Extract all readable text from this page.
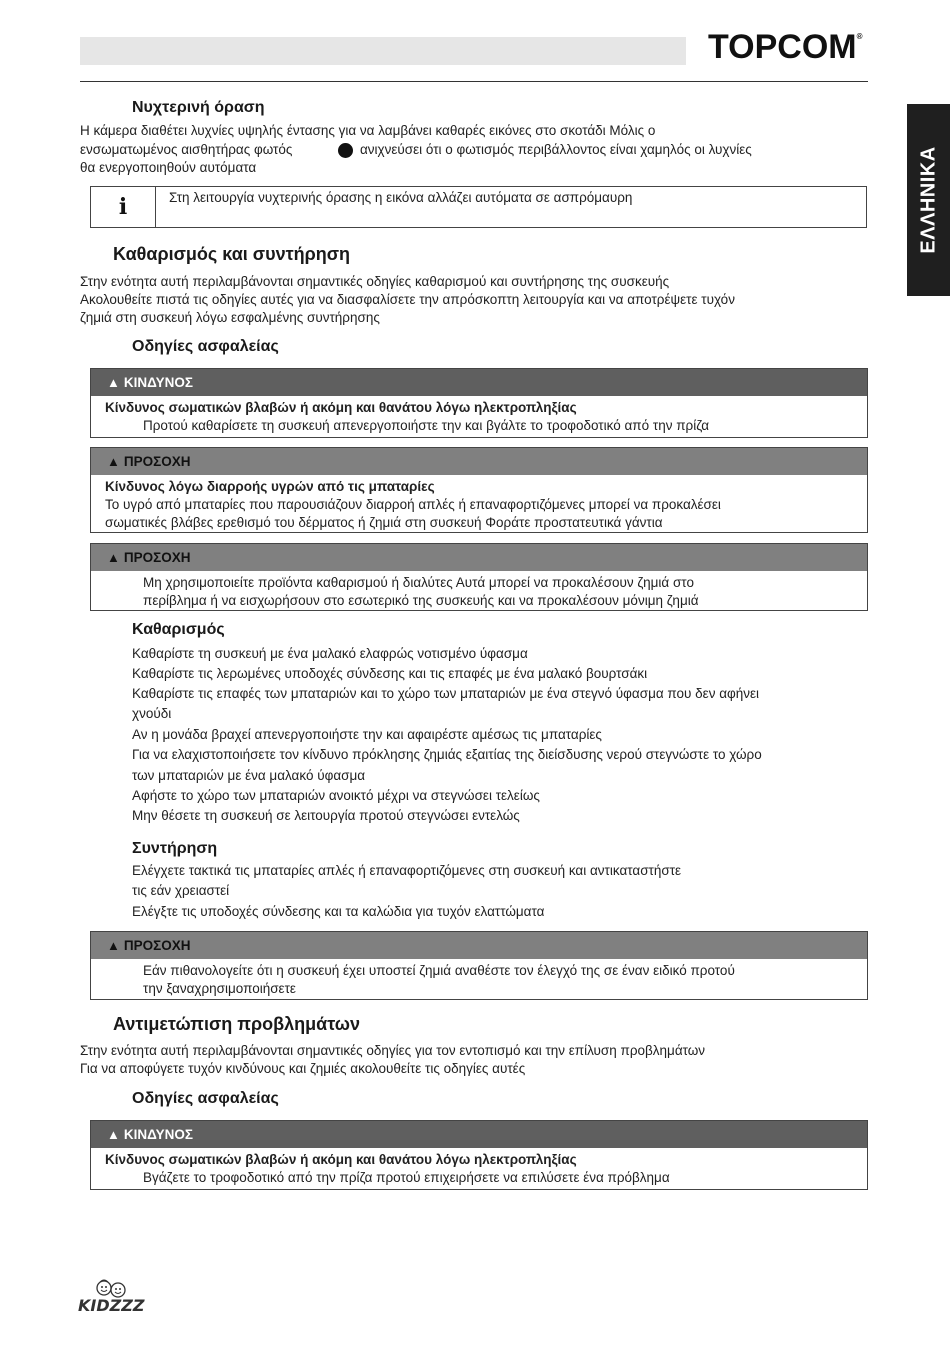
TOPCOM®
ΕΛΛΗΝΙΚΑ
Νυχτερινή όραση
Η κάμερα διαθέτει λυχνίες υψηλής έντασης για να λαμβάνει καθαρές εικόνες στο σκοτάδι Μόλις ο
ενσωματωμένος αισθητήρας φωτός	ανιχνεύσει ότι ο φωτισμός περιβάλλοντος είναι χαμηλός οι λυχνίες
θα ενεργοποιηθούν αυτόματα
i	Στη λειτουργία νυχτερινής όρασης η εικόνα αλλάζει αυτόματα σε ασπρόμαυρη
Καθαρισμός και συντήρηση
Στην ενότητα αυτή περιλαμβάνονται σημαντικές οδηγίες καθαρισμού και συντήρησης της συσκευής
Ακολουθείτε πιστά τις οδηγίες αυτές για να διασφαλίσετε την απρόσκοπτη λειτουργία και να αποτρέψετε τυχόν
ζημιά στη συσκευή λόγω εσφαλμένης συντήρησης
Οδηγίες ασφαλείας
▲ ΚΙΝΔΥΝΟΣ
Κίνδυνος σωματικών βλαβών ή ακόμη και θανάτου λόγω ηλεκτροπληξίας
Προτού καθαρίσετε τη συσκευή απενεργοποιήστε την και βγάλτε το τροφοδοτικό από την πρίζα
▲ ΠΡΟΣΟΧΗ
Κίνδυνος λόγω διαρροής υγρών από τις μπαταρίες
Το υγρό από μπαταρίες που παρουσιάζουν διαρροή απλές ή επαναφορτιζόμενες μπορεί να προκαλέσει
σωματικές βλάβες ερεθισμό του δέρματος ή ζημιά στη συσκευή Φοράτε προστατευτικά γάντια
▲ ΠΡΟΣΟΧΗ
Μη χρησιμοποιείτε προϊόντα καθαρισμού ή διαλύτες Αυτά μπορεί να προκαλέσουν ζημιά στο
περίβλημα ή να εισχωρήσουν στο εσωτερικό της συσκευής και να προκαλέσουν μόνιμη ζημιά
Καθαρισμός
Καθαρίστε τη συσκευή με ένα μαλακό ελαφρώς νοτισμένο ύφασμα
Καθαρίστε τις λερωμένες υποδοχές σύνδεσης και τις επαφές με ένα μαλακό βουρτσάκι
Καθαρίστε τις επαφές των μπαταριών και το χώρο των μπαταριών με ένα στεγνό ύφασμα που δεν αφήνει
χνούδι
Αν η μονάδα βραχεί απενεργοποιήστε την και αφαιρέστε αμέσως τις μπαταρίες
Για να ελαχιστοποιήσετε τον κίνδυνο πρόκλησης ζημιάς εξαιτίας της διείσδυσης νερού στεγνώστε το χώρο
των μπαταριών με ένα μαλακό ύφασμα
Αφήστε το χώρο των μπαταριών ανοικτό μέχρι να στεγνώσει τελείως
Μην θέσετε τη συσκευή σε λειτουργία προτού στεγνώσει εντελώς
Συντήρηση
Ελέγχετε τακτικά τις μπαταρίες απλές ή επαναφορτιζόμενες στη συσκευή και αντικαταστήστε
τις εάν χρειαστεί
Ελέγξτε τις υποδοχές σύνδεσης και τα καλώδια για τυχόν ελαττώματα
▲ ΠΡΟΣΟΧΗ
Εάν πιθανολογείτε ότι η συσκευή έχει υποστεί ζημιά αναθέστε τον έλεγχό της σε έναν ειδικό προτού
την ξαναχρησιμοποιήσετε
Αντιμετώπιση προβλημάτων
Στην ενότητα αυτή περιλαμβάνονται σημαντικές οδηγίες για τον εντοπισμό και την επίλυση προβλημάτων
Για να αποφύγετε τυχόν κινδύνους και ζημιές ακολουθείτε τις οδηγίες αυτές
Οδηγίες ασφαλείας
▲ ΚΙΝΔΥΝΟΣ
Κίνδυνος σωματικών βλαβών ή ακόμη και θανάτου λόγω ηλεκτροπληξίας
Βγάζετε το τροφοδοτικό από την πρίζα προτού επιχειρήσετε να επιλύσετε ένα πρόβλημα
KIDZZZ
